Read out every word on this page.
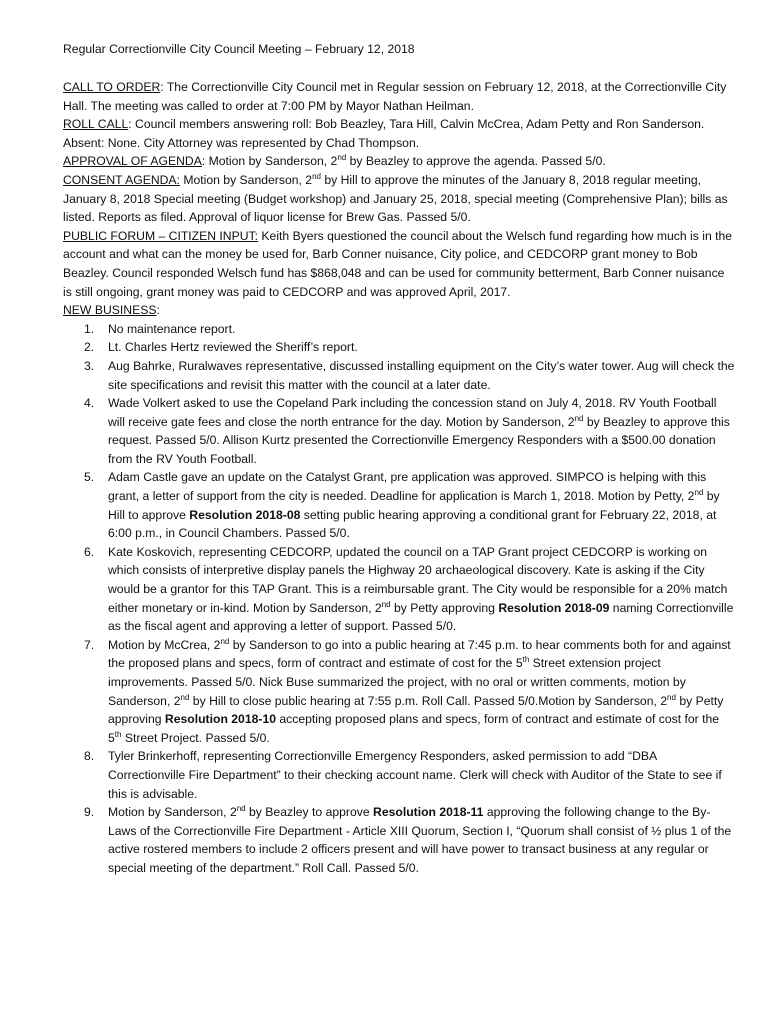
Regular Correctionville City Council Meeting – February 12, 2018

CALL TO ORDER: The Correctionville City Council met in Regular session on February 12, 2018, at the Correctionville City Hall. The meeting was called to order at 7:00 PM by Mayor Nathan Heilman.

ROLL CALL: Council members answering roll: Bob Beazley, Tara Hill, Calvin McCrea, Adam Petty and Ron Sanderson. Absent: None. City Attorney was represented by Chad Thompson.

APPROVAL OF AGENDA: Motion by Sanderson, 2nd by Beazley to approve the agenda. Passed 5/0.

CONSENT AGENDA: Motion by Sanderson, 2nd by Hill to approve the minutes of the January 8, 2018 regular meeting, January 8, 2018 Special meeting (Budget workshop) and January 25, 2018, special meeting (Comprehensive Plan); bills as listed. Reports as filed. Approval of liquor license for Brew Gas. Passed 5/0.

PUBLIC FORUM – CITIZEN INPUT: Keith Byers questioned the council about the Welsch fund regarding how much is in the account and what can the money be used for, Barb Conner nuisance, City police, and CEDCORP grant money to Bob Beazley. Council responded Welsch fund has $868,048 and can be used for community betterment, Barb Conner nuisance is still ongoing, grant money was paid to CEDCORP and was approved April, 2017.

NEW BUSINESS:

1. No maintenance report.
2. Lt. Charles Hertz reviewed the Sheriff’s report.
3. Aug Bahrke, Ruralwaves representative, discussed installing equipment on the City’s water tower. Aug will check the site specifications and revisit this matter with the council at a later date.
4. Wade Volkert asked to use the Copeland Park including the concession stand on July 4, 2018. RV Youth Football will receive gate fees and close the north entrance for the day. Motion by Sanderson, 2nd by Beazley to approve this request. Passed 5/0. Allison Kurtz presented the Correctionville Emergency Responders with a $500.00 donation from the RV Youth Football.
5. Adam Castle gave an update on the Catalyst Grant, pre application was approved. SIMPCO is helping with this grant, a letter of support from the city is needed. Deadline for application is March 1, 2018. Motion by Petty, 2nd by Hill to approve Resolution 2018-08 setting public hearing approving a conditional grant for February 22, 2018, at 6:00 p.m., in Council Chambers. Passed 5/0.
6. Kate Koskovich, representing CEDCORP, updated the council on a TAP Grant project CEDCORP is working on which consists of interpretive display panels the Highway 20 archaeological discovery. Kate is asking if the City would be a grantor for this TAP Grant. This is a reimbursable grant. The City would be responsible for a 20% match either monetary or in-kind. Motion by Sanderson, 2nd by Petty approving Resolution 2018-09 naming Correctionville as the fiscal agent and approving a letter of support. Passed 5/0.
7. Motion by McCrea, 2nd by Sanderson to go into a public hearing at 7:45 p.m. to hear comments both for and against the proposed plans and specs, form of contract and estimate of cost for the 5th Street extension project improvements. Passed 5/0. Nick Buse summarized the project, with no oral or written comments, motion by Sanderson, 2nd by Hill to close public hearing at 7:55 p.m. Roll Call. Passed 5/0.Motion by Sanderson, 2nd by Petty approving Resolution 2018-10 accepting proposed plans and specs, form of contract and estimate of cost for the 5th Street Project. Passed 5/0.
8. Tyler Brinkerhoff, representing Correctionville Emergency Responders, asked permission to add “DBA Correctionville Fire Department” to their checking account name. Clerk will check with Auditor of the State to see if this is advisable.
9. Motion by Sanderson, 2nd by Beazley to approve Resolution 2018-11 approving the following change to the By-Laws of the Correctionville Fire Department - Article XIII Quorum, Section I, “Quorum shall consist of ½ plus 1 of the active rostered members to include 2 officers present and will have power to transact business at any regular or special meeting of the department.” Roll Call. Passed 5/0.
